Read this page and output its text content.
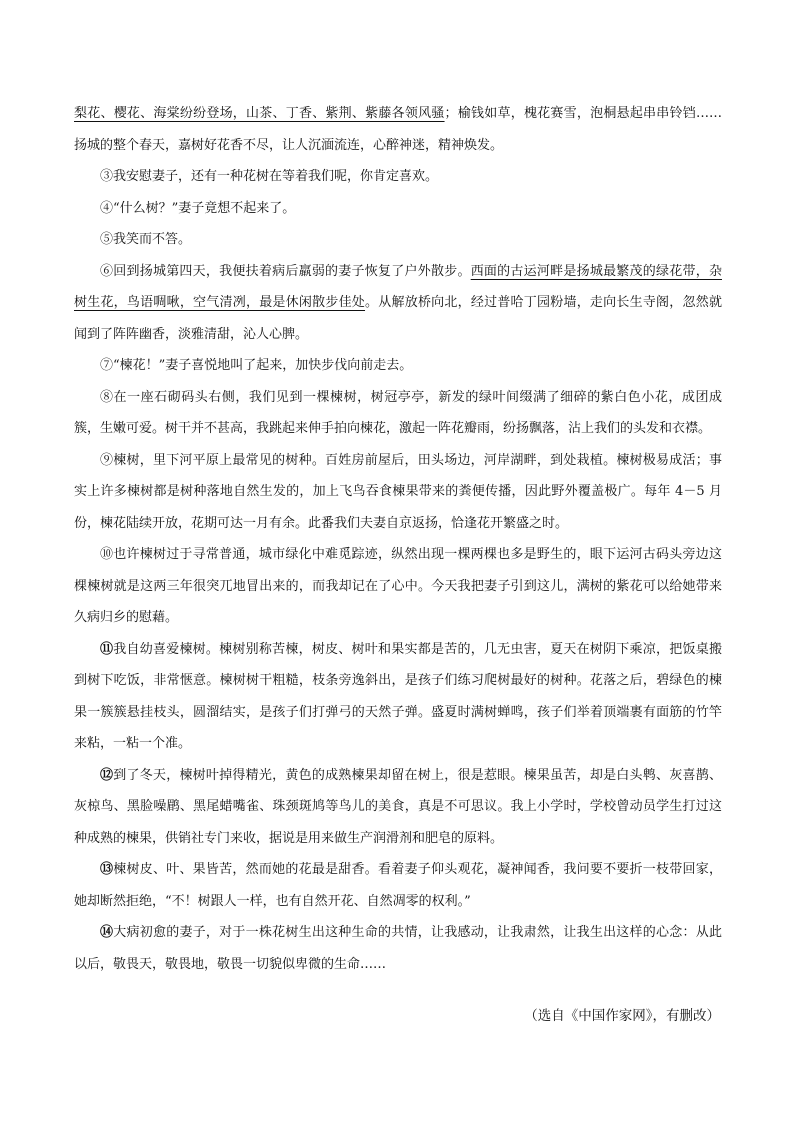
梨花、樱花、海棠纷纷登场，山茶、丁香、紫荆、紫藤各领风骚；榆钱如草，槐花赛雪，泡桐悬起串串铃铛……扬城的整个春天，嘉树好花香不尽，让人沉湎流连，心醉神迷，精神焕发。

③我安慰妻子，还有一种花树在等着我们呢，你肯定喜欢。

④“什么树？”妻子竟想不起来了。

⑤我笑而不答。

⑥回到扬城第四天，我便扶着病后羸弱的妻子恢复了户外散步。西面的古运河畔是扬城最繁茂的绿花带，杂树生花，鸟语啁啾，空气清冽，最是休闲散步佳处。从解放桥向北，经过普哈丁园粉墙，走向长生寺阁，忽然就闻到了阵阵幽香，淡雅清甜，沁人心脾。

⑦“楝花！”妻子喜悦地叫了起来，加快步伐向前走去。

⑧在一座石砌码头右侧，我们见到一棵楝树，树冠亭亭，新发的绿叶间缀满了细碎的紫白色小花，成团成簇，生嫩可爱。树干并不甚高，我跳起来伸手拍向楝花，激起一阵花瓣雨，纷扬飘落，沾上我们的头发和衣襟。

⑨楝树，里下河平原上最常见的树种。百姓房前屋后，田头场边，河岸湖畔，到处栽植。楝树极易成活；事实上许多楝树都是树种落地自然生发的，加上飞鸟吞食楝果带来的粪便传播，因此野外覆盖极广。每年 4－5 月份，楝花陆续开放，花期可达一月有余。此番我们夫妻自京返扬，恰逢花开繁盛之时。

⑩也许楝树过于寻常普通，城市绿化中难觅踪迹，纵然出现一棵两棵也多是野生的，眼下运河古码头旁边这棵楝树就是这两三年很突兀地冒出来的，而我却记在了心中。今天我把妻子引到这儿，满树的紫花可以给她带来久病归乡的慰藉。

⑪我自幼喜爱楝树。楝树别称苦楝，树皮、树叶和果实都是苦的，几无虫害，夏天在树阴下乘凉，把饭桌搬到树下吃饭，非常惬意。楝树树干粗糙，枝条旁逸斜出，是孩子们练习爬树最好的树种。花落之后，碧绿色的楝果一簇簇悬挂枝头，圆溜结实，是孩子们打弹弓的天然子弹。盛夏时满树蝉鸣，孩子们举着顶端裹有面筋的竹竿来粘，一粘一个准。

⑫到了冬天，楝树叶掉得精光，黄色的成熟楝果却留在树上，很是惹眼。楝果虽苦，却是白头鹎、灰喜鹊、灰椋鸟、黑脸噪鹛、黑尾蜡嘴雀、珠颈斑鸠等鸟儿的美食，真是不可思议。我上小学时，学校曾动员学生打过这种成熟的楝果，供销社专门来收，据说是用来做生产润滑剂和肥皂的原料。

⑬楝树皮、叶、果皆苦，然而她的花最是甜香。看着妻子仰头观花，凝神闻香，我问要不要折一枝带回家，她却断然拒绝，“不！树跟人一样，也有自然开花、自然凋零的权利。”

⑭大病初愈的妻子，对于一株花树生出这种生命的共情，让我感动，让我肃然，让我生出这样的心念：从此以后，敬畏天，敬畏地，敬畏一切貌似卑微的生命……

（选自《中国作家网》，有删改）
